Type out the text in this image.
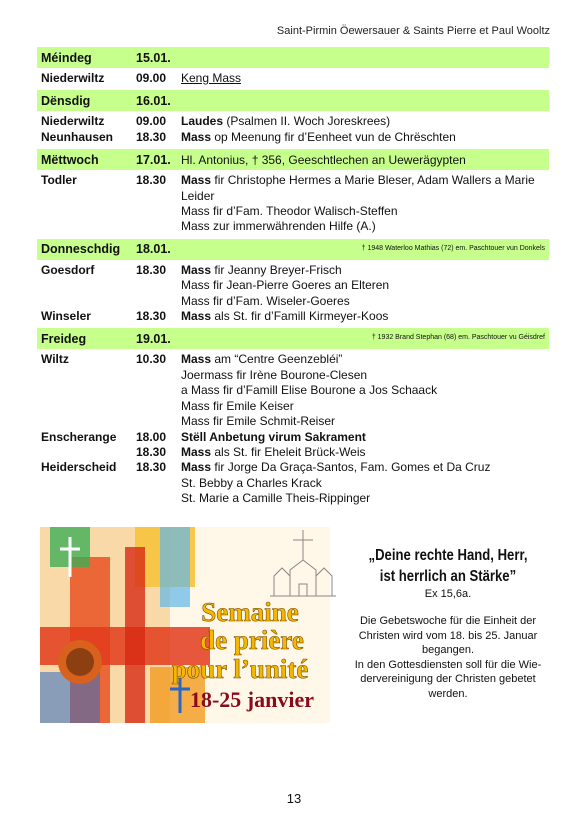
Saint-Pirmin Öewersauer & Saints Pierre et Paul Wooltz
Méindeg	15.01.
Niederwiltz	09.00	Keng Mass
Dënsdig	16.01.
Niederwiltz	09.00	Laudes (Psalmen II. Woch Joreskrees)
Neunhausen	18.30	Mass op Meenung fir d’Eenheet vun de Chrëschten
Mëttwoch	17.01. Hl. Antonius, † 356, Geeschtlechen an Uewerägypten
Todler	18.30	Mass fir Christophe Hermes a Marie Bleser, Adam Wallers a Marie Leider
Mass fir d’Fam. Theodor Walisch-Steffen
Mass zur immerwährenden Hilfe (A.)
Donneschdig	18.01.	† 1948 Waterloo Mathias (72) em. Paschtouer vun Donkels
Goesdorf	18.30	Mass fir Jeanny Breyer-Frisch
Mass fir Jean-Pierre Goeres an Elteren
Mass fir d’Fam. Wiseler-Goeres
Winseler	18.30	Mass als St. fir d’Famill Kirmeyer-Koos
Freideg	19.01.	† 1932 Brand Stephan (68) em. Paschtouer vu Géisdref
Wiltz	10.30	Mass am “Centre Geenzebléi”
Joermass fir Irène Bourone-Clesen
a Mass fir d’Famill Elise Bourone a Jos Schaack
Mass fir Emile Keiser
Mass fir Emile Schmit-Reiser
Enscherange	18.00	Stëll Anbetung virum Sakrament
18.30	Mass als St. fir Eheleit Brück-Weis
Heiderscheid	18.30	Mass fir Jorge Da Graça-Santos, Fam. Gomes et Da Cruz
St. Bebby a Charles Krack
St. Marie a Camille Theis-Rippinger
Semaine
de prière
pour l’unité
18-25 janvier
„Deine rechte Hand, Herr,
ist herrlich an Stärke”
Ex 15,6a.
Die Gebetswoche für die Einheit der
Christen wird vom 18. bis 25. Januar
begangen.
In den Gottesdiensten soll für die Wie-
dervereinigung der Christen gebetet
werden.
13
